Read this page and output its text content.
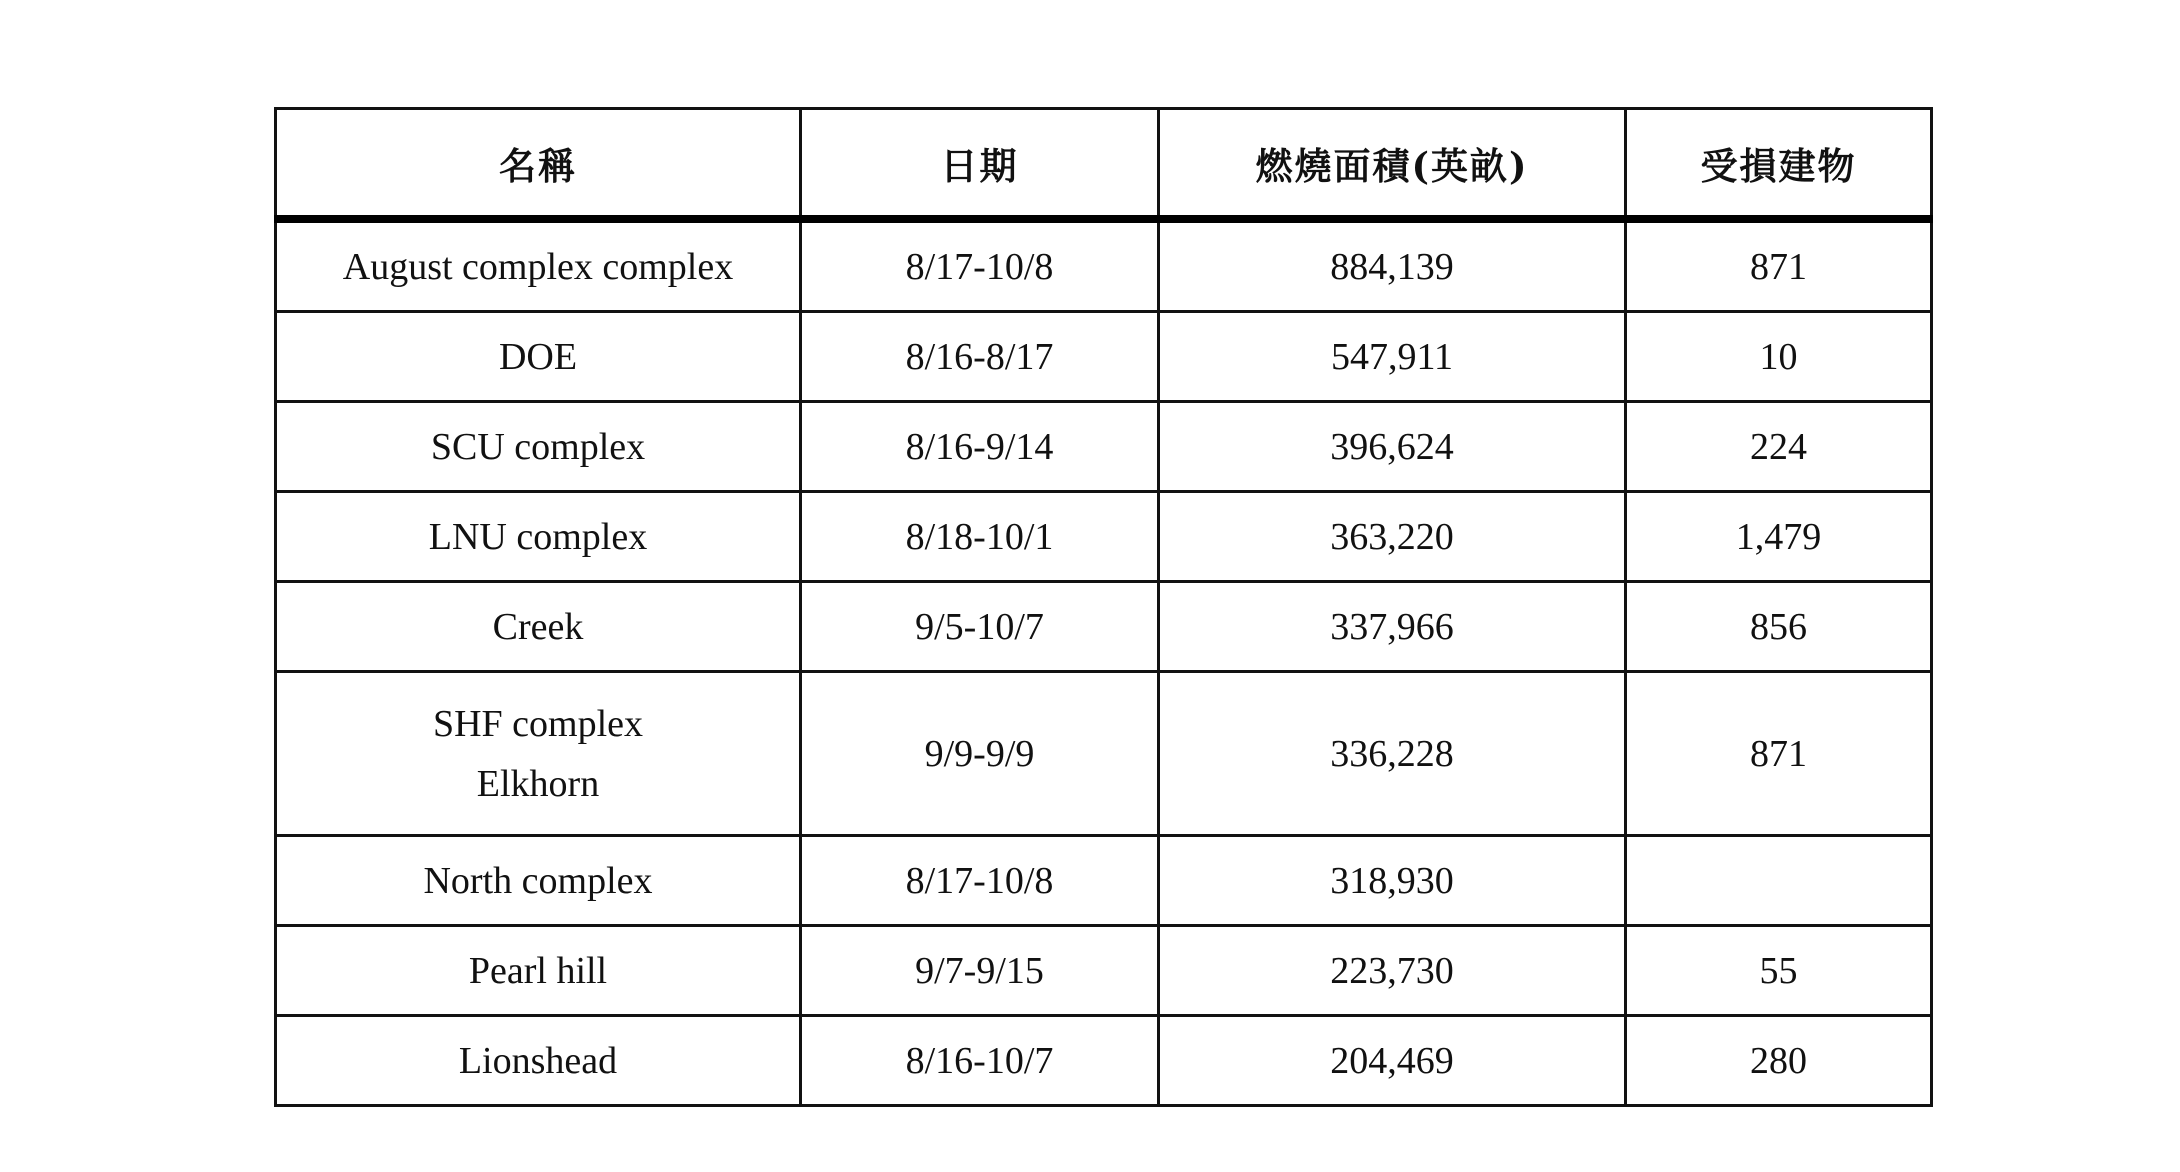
名稱	日期	燃燒面積(英畝)	受損建物

August complex complex	8/17-10/8	884,139	871

DOE	8/16-8/17	547,911	10

SCU complex	8/16-9/14	396,624	224

LNU complex	8/18-10/1	363,220	1,479

Creek	9/5-10/7	337,966	856

SHF complex
Elkhorn	9/9-9/9	336,228	871

North complex	8/17-10/8	318,930	

Pearl hill	9/7-9/15	223,730	55

Lionshead	8/16-10/7	204,469	280
